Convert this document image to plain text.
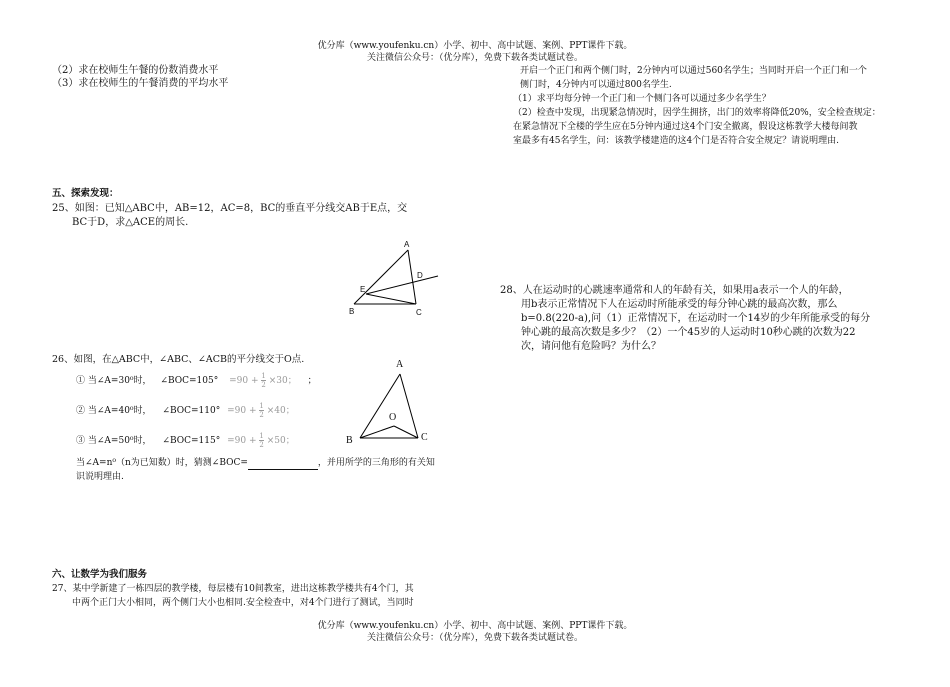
优分库（www.youfenku.cn）小学、初中、高中试题、案例、PPT课件下载。
关注微信公众号：（优分库），免费下载各类试题试卷。
（2）求在校师生午餐的份数消费水平
（3）求在校师生的午餐消费的平均水平
五、探索发现：
25、如图：已知△ABC中，AB=12，AC=8，BC的垂直平分线交AB于E点，交
BC于D，求△ACE的周长.
A
D
E
B	C
26、如图，在△ABC中，∠ABC、∠ACB的平分线交于O点.
① 当∠A=30⁰时， ∠BOC=105° $=90 + \frac{1}{2} \times 30$； ；
② 当∠A=40⁰时， ∠BOC=110° $=90 + \frac{1}{2} \times 40$；
③ 当∠A=50⁰时， ∠BOC=115° $=90 + \frac{1}{2} \times 50$；
当∠A=n⁰（n为已知数）时，猜测∠BOC=	，并用所学的三角形的有关知
识说明理由.
A
O
B	C
六、让数学为我们服务
27、某中学新建了一栋四层的教学楼，每层楼有10间教室，进出这栋教学楼共有4个门，其
中两个正门大小相同，两个侧门大小也相同.安全检查中，对4个门进行了测试，当同时
开启一个正门和两个侧门时，2分钟内可以通过560名学生；当同时开启一个正门和一个
侧门时，4分钟内可以通过800名学生.
（1）求平均每分钟一个正门和一个侧门各可以通过多少名学生？
（2）检查中发现，出现紧急情况时，因学生拥挤，出门的效率将降低20%，安全检查规定：
在紧急情况下全楼的学生应在5分钟内通过这4个门安全撤离，假设这栋教学大楼每间教
室最多有45名学生，问：该教学楼建造的这4个门是否符合安全规定？请说明理由.
28、人在运动时的心跳速率通常和人的年龄有关，如果用a表示一个人的年龄，
用b表示正常情况下人在运动时所能承受的每分钟心跳的最高次数，那么
b=0.8(220-a),问（1）正常情况下，在运动时一个14岁的少年所能承受的每分
钟心跳的最高次数是多少？（2）一个45岁的人运动时10秒心跳的次数为22
次，请问他有危险吗？为什么？
优分库（www.youfenku.cn）小学、初中、高中试题、案例、PPT课件下载。
关注微信公众号：（优分库），免费下载各类试题试卷。
